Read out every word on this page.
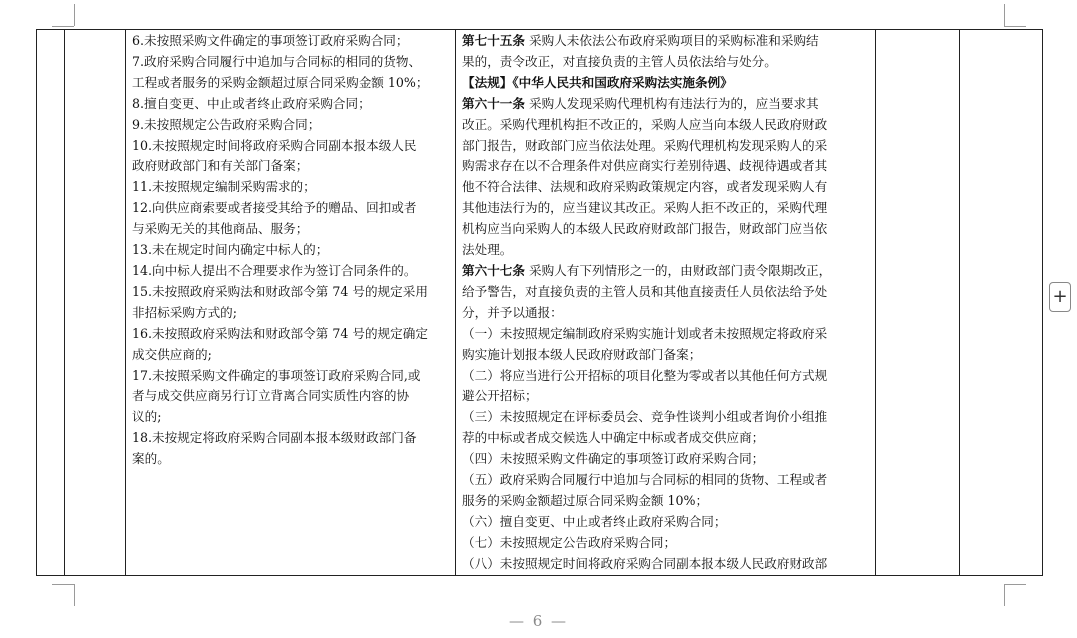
6.未按照采购文件确定的事项签订政府采购合同；
7.政府采购合同履行中追加与合同标的相同的货物、
工程或者服务的采购金额超过原合同采购金额 10%；
8.擅自变更、中止或者终止政府采购合同；
9.未按照规定公告政府采购合同；
10.未按照规定时间将政府采购合同副本报本级人民
政府财政部门和有关部门备案；
11.未按照规定编制采购需求的；
12.向供应商索要或者接受其给予的赠品、回扣或者
与采购无关的其他商品、服务；
13.未在规定时间内确定中标人的；
14.向中标人提出不合理要求作为签订合同条件的。
15.未按照政府采购法和财政部令第 74 号的规定采用
非招标采购方式的;
16.未按照政府采购法和财政部令第 74 号的规定确定
成交供应商的;
17.未按照采购文件确定的事项签订政府采购合同,或
者与成交供应商另行订立背离合同实质性内容的协
议的;
18.未按规定将政府采购合同副本报本级财政部门备
案的。

第七十五条 采购人未依法公布政府采购项目的采购标准和采购结
果的，责令改正，对直接负责的主管人员依法给与处分。
【法规】《中华人民共和国政府采购法实施条例》
第六十一条 采购人发现采购代理机构有违法行为的，应当要求其
改正。采购代理机构拒不改正的，采购人应当向本级人民政府财政
部门报告，财政部门应当依法处理。采购代理机构发现采购人的采
购需求存在以不合理条件对供应商实行差别待遇、歧视待遇或者其
他不符合法律、法规和政府采购政策规定内容，或者发现采购人有
其他违法行为的，应当建议其改正。采购人拒不改正的，采购代理
机构应当向采购人的本级人民政府财政部门报告，财政部门应当依
法处理。
第六十七条 采购人有下列情形之一的，由财政部门责令限期改正，
给予警告，对直接负责的主管人员和其他直接责任人员依法给予处
分，并予以通报：
（一）未按照规定编制政府采购实施计划或者未按照规定将政府采
购实施计划报本级人民政府财政部门备案；
（二）将应当进行公开招标的项目化整为零或者以其他任何方式规
避公开招标；
（三）未按照规定在评标委员会、竞争性谈判小组或者询价小组推
荐的中标或者成交候选人中确定中标或者成交供应商；
（四）未按照采购文件确定的事项签订政府采购合同；
（五）政府采购合同履行中追加与合同标的相同的货物、工程或者
服务的采购金额超过原合同采购金额 10%；
（六）擅自变更、中止或者终止政府采购合同；
（七）未按照规定公告政府采购合同；
（八）未按照规定时间将政府采购合同副本报本级人民政府财政部

+
— 6 —
